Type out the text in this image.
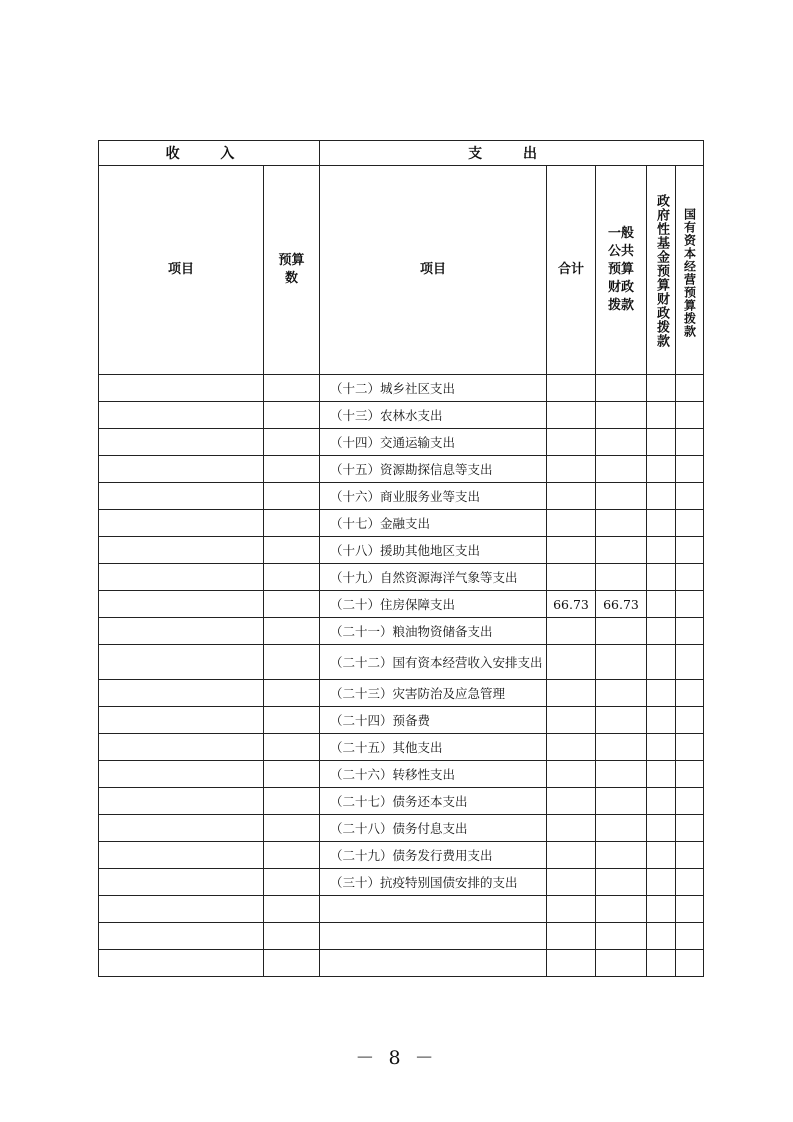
收 入		支 出				
项目	预算数	项目	合计	一般公共预算财政拨款	政府性基金预算财政拨款	国有资本经营预算拨款

		（十二）城乡社区支出				
		（十三）农林水支出				
		（十四）交通运输支出				
		（十五）资源勘探信息等支出				
		（十六）商业服务业等支出				
		（十七）金融支出				
		（十八）援助其他地区支出				
		（十九）自然资源海洋气象等支出				
		（二十）住房保障支出	66.73	66.73		
		（二十一）粮油物资储备支出				
		（二十二）国有资本经营收入安排支出				
		（二十三）灾害防治及应急管理				
		（二十四）预备费				
		（二十五）其他支出				
		（二十六）转移性支出				
		（二十七）债务还本支出				
		（二十八）债务付息支出				
		（二十九）债务发行费用支出				
		（三十）抗疫特别国债安排的支出				

－ 8 －
